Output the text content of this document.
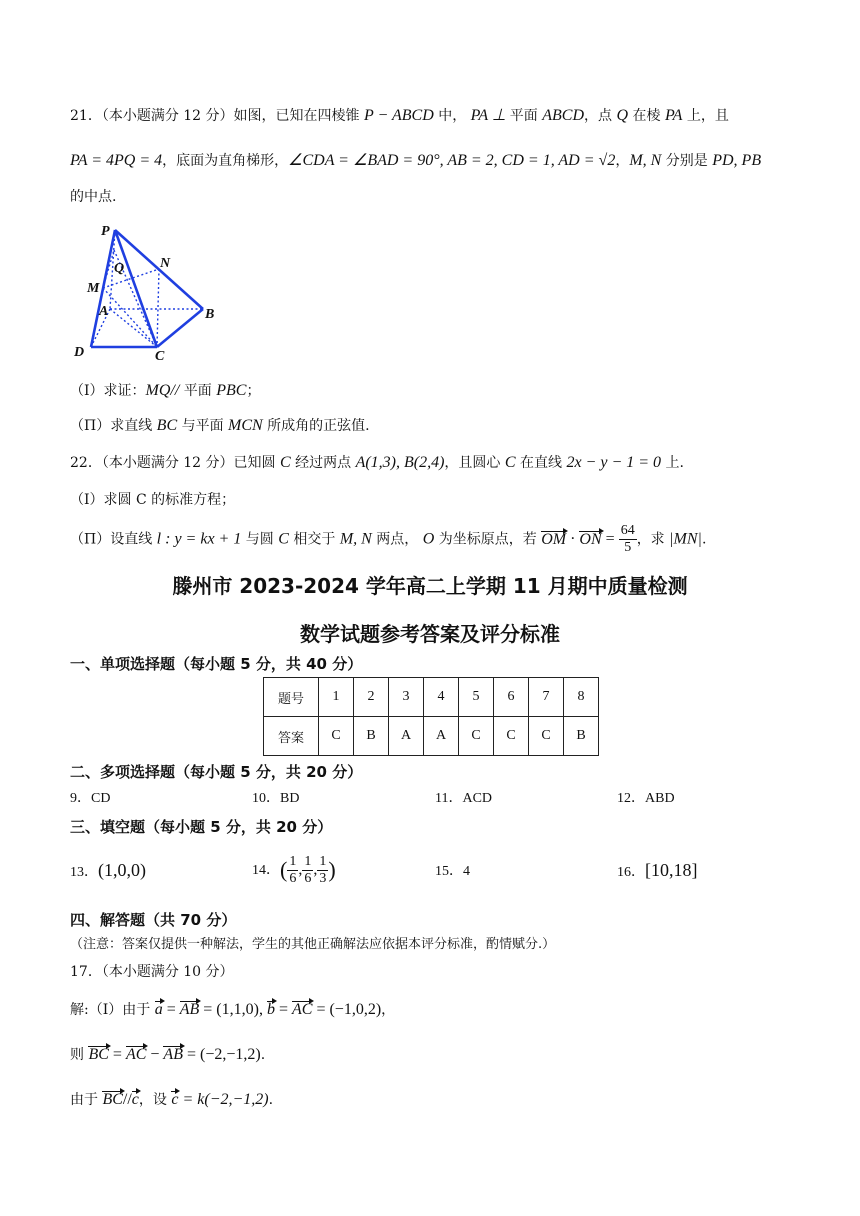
21．（本小题满分 12 分）如图，已知在四棱锥 P − ABCD 中， PA ⊥ 平面 ABCD，点 Q 在棱 PA 上，且
PA = 4PQ = 4，底面为直角梯形，∠CDA = ∠BAD = 90°, AB = 2, CD = 1, AD = √2，M, N 分别是 PD, PB
的中点.
P
Q	N
M
A	B
D	C
（Ⅰ）求证：MQ// 平面 PBC；
（Π）求直线 BC 与平面 MCN 所成角的正弦值.
22．（本小题满分 12 分）已知圆 C 经过两点 A(1,3), B(2,4)，且圆心 C 在直线 2x − y − 1 = 0 上.
（Ⅰ）求圆 C 的标准方程；
（Π）设直线 l : y = kx + 1 与圆 C 相交于 M, N 两点， O 为坐标原点，若 OM · ON = $\frac{64}{5}$ ，求 |MN|.
滕州市 2023-2024 学年高二上学期 11 月期中质量检测
数学试题参考答案及评分标准
一、单项选择题（每小题 5 分，共 40 分）
题号	1	2	3	4	5	6	7	8
答案	C	B	A	A	C	C	C	B
二、多项选择题（每小题 5 分，共 20 分）
9．CD	10．BD	11．ACD	12．ABD
三、填空题（每小题 5 分，共 20 分）
13．(1,0,0)	14．( $\frac{1}{6}$ , $\frac{1}{6}$ , $\frac{1}{3}$ )	15．4	16．[10,18]
四、解答题（共 70 分）
（注意：答案仅提供一种解法，学生的其他正确解法应依据本评分标准，酌情赋分.）
17．（本小题满分 10 分）
解:（Ⅰ）由于 a = AB = (1,1,0), b = AC = (−1,0,2)，
则 BC = AC − AB = (−2,−1,2).
由于 BC//c，设 c = k(−2,−1,2).
